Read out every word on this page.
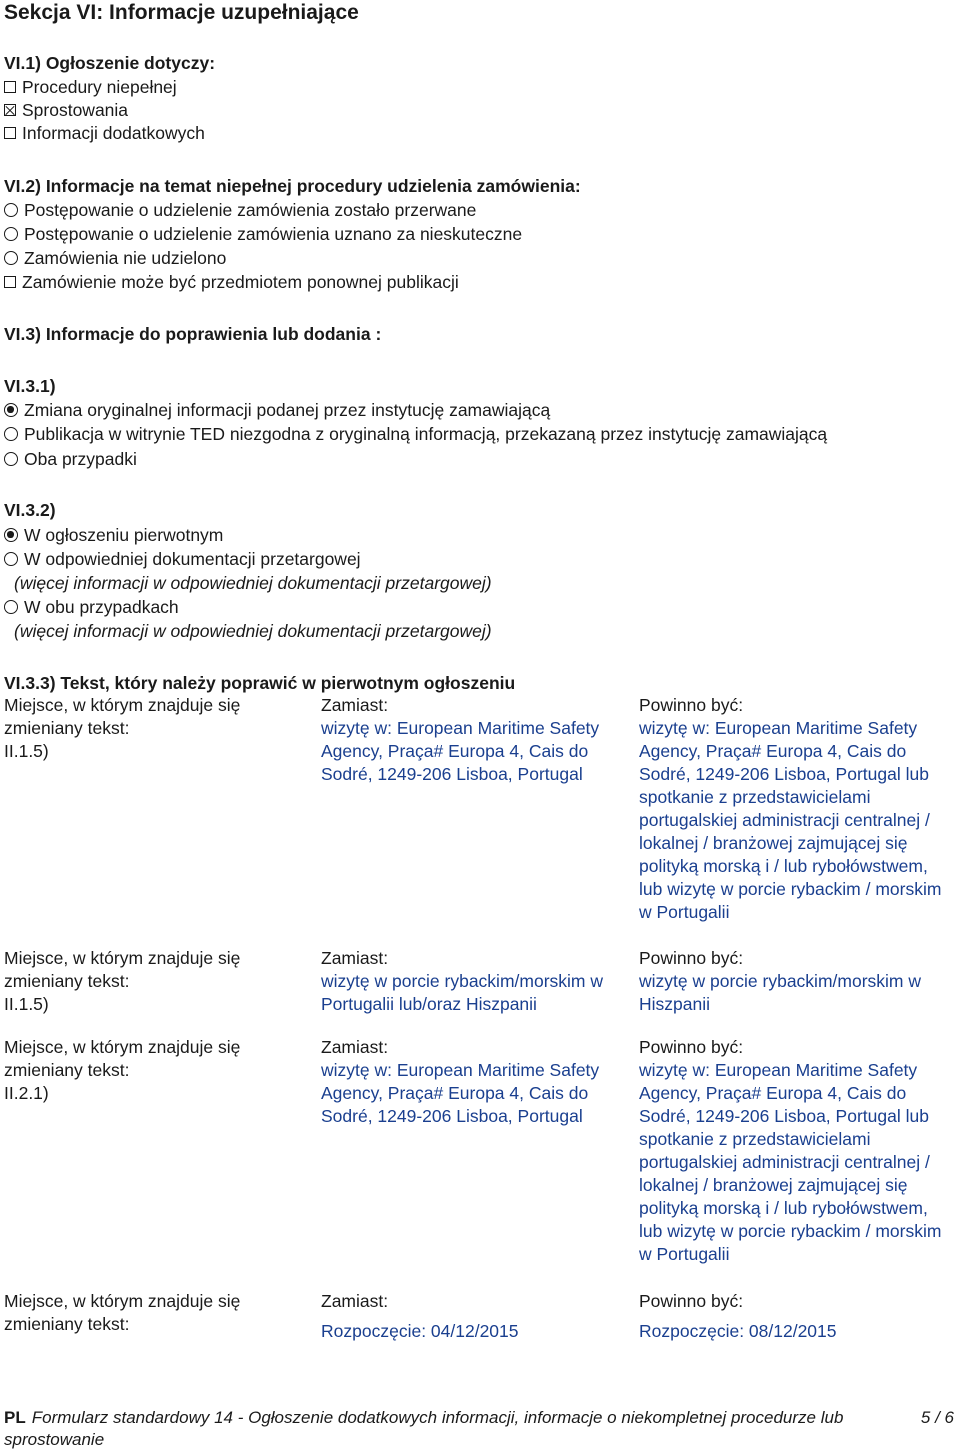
Sekcja VI: Informacje uzupełniające
VI.1) Ogłoszenie dotyczy:
Procedury niepełnej
Sprostowania
Informacji dodatkowych
VI.2) Informacje na temat niepełnej procedury udzielenia zamówienia:
Postępowanie o udzielenie zamówienia zostało przerwane
Postępowanie o udzielenie zamówienia uznano za nieskuteczne
Zamówienia nie udzielono
Zamówienie może być przedmiotem ponownej publikacji
VI.3) Informacje do poprawienia lub dodania :
VI.3.1)
Zmiana oryginalnej informacji podanej przez instytucję zamawiającą
Publikacja w witrynie TED niezgodna z oryginalną informacją, przekazaną przez instytucję zamawiającą
Oba przypadki
VI.3.2)
W ogłoszeniu pierwotnym
W odpowiedniej dokumentacji przetargowej
(więcej informacji w odpowiedniej dokumentacji przetargowej)
W obu przypadkach
(więcej informacji w odpowiedniej dokumentacji przetargowej)
VI.3.3) Tekst, który należy poprawić w pierwotnym ogłoszeniu
Miejsce, w którym znajduje się zmieniany tekst:
II.1.5)
Zamiast:
wizytę w: European Maritime Safety Agency, Praça# Europa 4, Cais do Sodré, 1249-206 Lisboa, Portugal
Powinno być:
wizytę w: European Maritime Safety Agency, Praça# Europa 4, Cais do Sodré, 1249-206 Lisboa, Portugal lub spotkanie z przedstawicielami portugalskiej administracji centralnej / lokalnej / branżowej zajmującej się polityką morską i / lub rybołówstwem, lub wizytę w porcie rybackim / morskim w Portugalii
Miejsce, w którym znajduje się zmieniany tekst:
II.1.5)
Zamiast:
wizytę w porcie rybackim/morskim w Portugalii lub/oraz Hiszpanii
Powinno być:
wizytę w porcie rybackim/morskim w Hiszpanii
Miejsce, w którym znajduje się zmieniany tekst:
II.2.1)
Zamiast:
wizytę w: European Maritime Safety Agency, Praça# Europa 4, Cais do Sodré, 1249-206 Lisboa, Portugal
Powinno być:
wizytę w: European Maritime Safety Agency, Praça# Europa 4, Cais do Sodré, 1249-206 Lisboa, Portugal lub spotkanie z przedstawicielami portugalskiej administracji centralnej / lokalnej / branżowej zajmującej się polityką morską i / lub rybołówstwem, lub wizytę w porcie rybackim / morskim w Portugalii
Miejsce, w którym znajduje się zmieniany tekst:
Zamiast:
Rozpoczęcie: 04/12/2015
Powinno być:
Rozpoczęcie: 08/12/2015
PL Formularz standardowy 14 - Ogłoszenie dodatkowych informacji, informacje o niekompletnej procedurze lub sprostowanie
5 / 6
